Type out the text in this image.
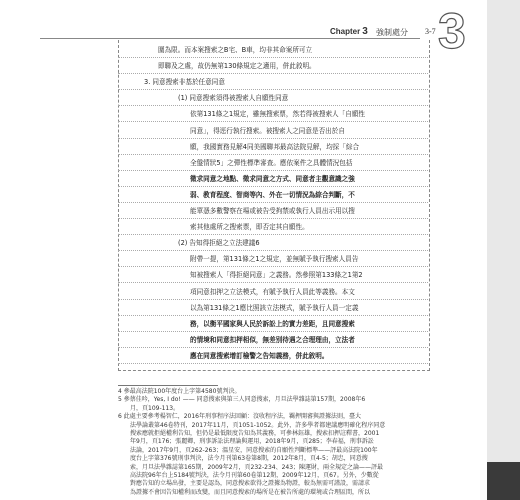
3
Chapter 3 強制處分 3-7
圍為限。而本案搜索之B宅、B車，均非其命案所可立
即聯及之處，故仍無第130條規定之適用，併此敘明。
3. 同意搜索非基於任意同意
(1) 同意搜索須得被搜索人自願性同意
依第131條之1規定，雖無搜索票，然若得被搜索人「自願性
同意」，得逕行執行搜索。被搜索人之同意是否出於自
願，我國實務見解4同美國聯邦最高法院見解，均採「綜合
全盤情狀5」之彈性標準審查。應依案件之具體情況包括
徵求同意之地點、徵求同意之方式、同意者主觀意識之強
弱、教育程度、智商等內、外在一切情況為綜合判斷，不
能單憑多數警察在場或被告受拘禁或執行人員出示用以搜
索其他處所之搜索票，即否定其自願性。
(2) 告知得拒絕之立法建議6
附帶一提，第131條之1之規定，並無賦予執行搜索人員告
知被搜索人「得拒絕同意」之義務。然參照第133條之1第2
項同意扣押之立法模式，有賦予執行人員此等義務。本文
以為第131條之1應比照該立法模式，賦予執行人員一定義
務，以衡平國家與人民於訴訟上的實力差距，且同意搜索
的情境和同意扣押相似，無差別待遇之合理理由，立法者
應在同意搜索增訂檢警之告知義務，併此敘明。
4 參最高法院100年度台上字第4580號判決。
5 參蔡佳吟，Yes, I do! —— 同意搜索與第三人同意搜索，月旦法學雜誌第157期，2008年6
月，頁109-113。
6 此處主要參考楊智仁，2016年刑事程序法回顧：沒收程序法，羈押開審與證據法則，臺大
法學論叢第46卷特刊，2017年11月，頁1051-1052。此外，許多學者都建議應明確化程序同意
搜索應就拒絕權利告知，但仍是最低限度告知為其義務，可參林鈺雄，搜索扣押註釋書，2001
年9月，頁176；張麗卿，刑事訴訟法理論與運用，2018年9月，頁285；李春福，刑事訴訟
法論，2017年9月，頁262-263；溫星安，同意搜索的自願性判斷標準——評最高法院100年
度台上字第376號刑事判決，法令月刊第63卷第8期，2012年8月，頁4-5；胡忠，同意搜
索，月旦法學雜誌第165期，2009年2月，頁232-234、243；陳運財，兩全規定之論——評最
高法院96年台上5184號判決，法令月刊第60卷第12期，2009年12月，頁67。另外，少數從
對應告知的立場出發，主要是認為，同意搜索欲得之證據為物證，較為無需可謹設，需請求
為證據不會因告知權利而改變，而且同意搜索的場所是在被告所處的環境或合理區間，所以
